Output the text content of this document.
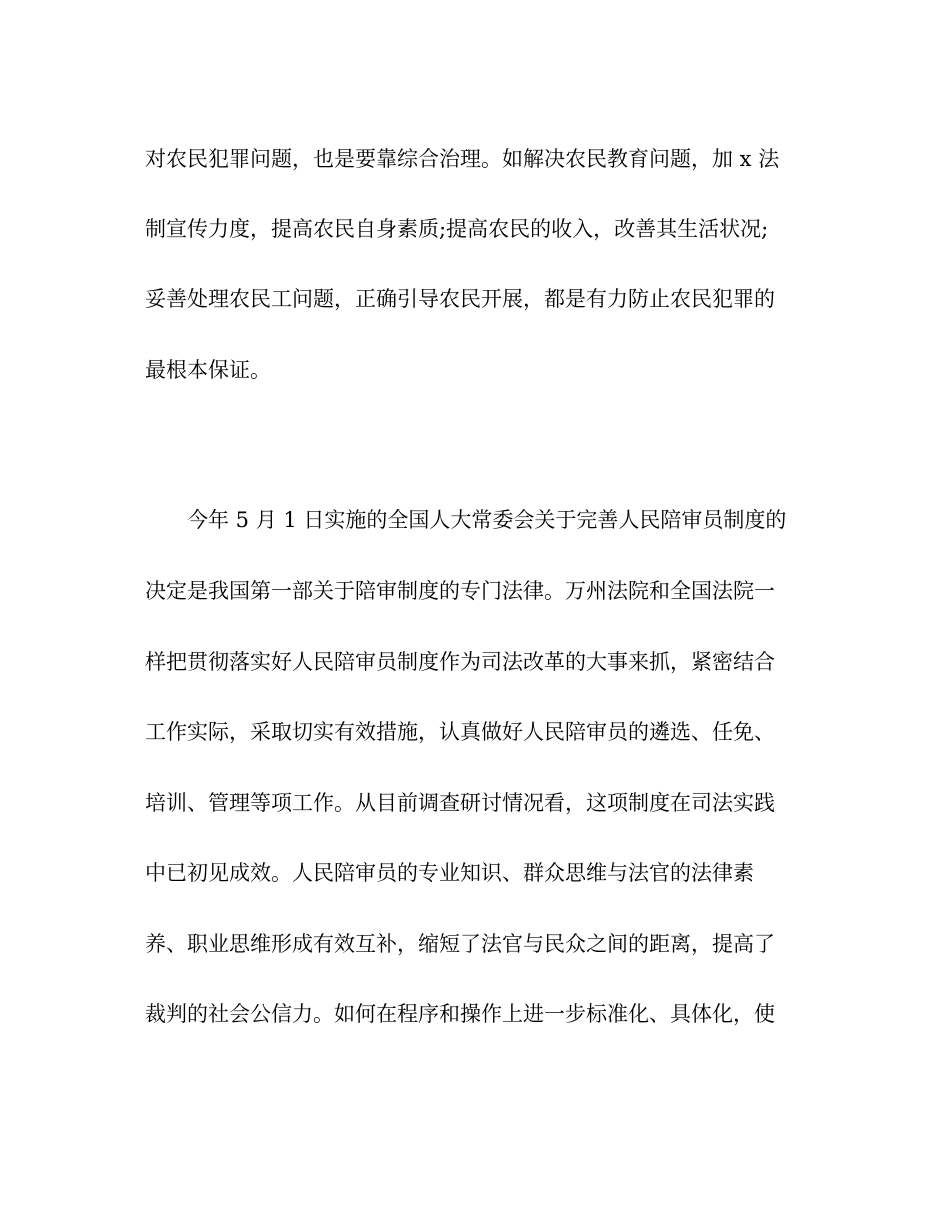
对农民犯罪问题，也是要靠综合治理。如解决农民教育问题，加 x 法
制宣传力度，提高农民自身素质;提高农民的收入，改善其生活状况;
妥善处理农民工问题，正确引导农民开展，都是有力防止农民犯罪的
最根本保证。
今年 5 月 1 日实施的全国人大常委会关于完善人民陪审员制度的
决定是我国第一部关于陪审制度的专门法律。万州法院和全国法院一
样把贯彻落实好人民陪审员制度作为司法改革的大事来抓，紧密结合
工作实际，采取切实有效措施，认真做好人民陪审员的遴选、任免、
培训、管理等项工作。从目前调查研讨情况看，这项制度在司法实践
中已初见成效。人民陪审员的专业知识、群众思维与法官的法律素
养、职业思维形成有效互补，缩短了法官与民众之间的距离，提高了
裁判的社会公信力。如何在程序和操作上进一步标准化、具体化，使
